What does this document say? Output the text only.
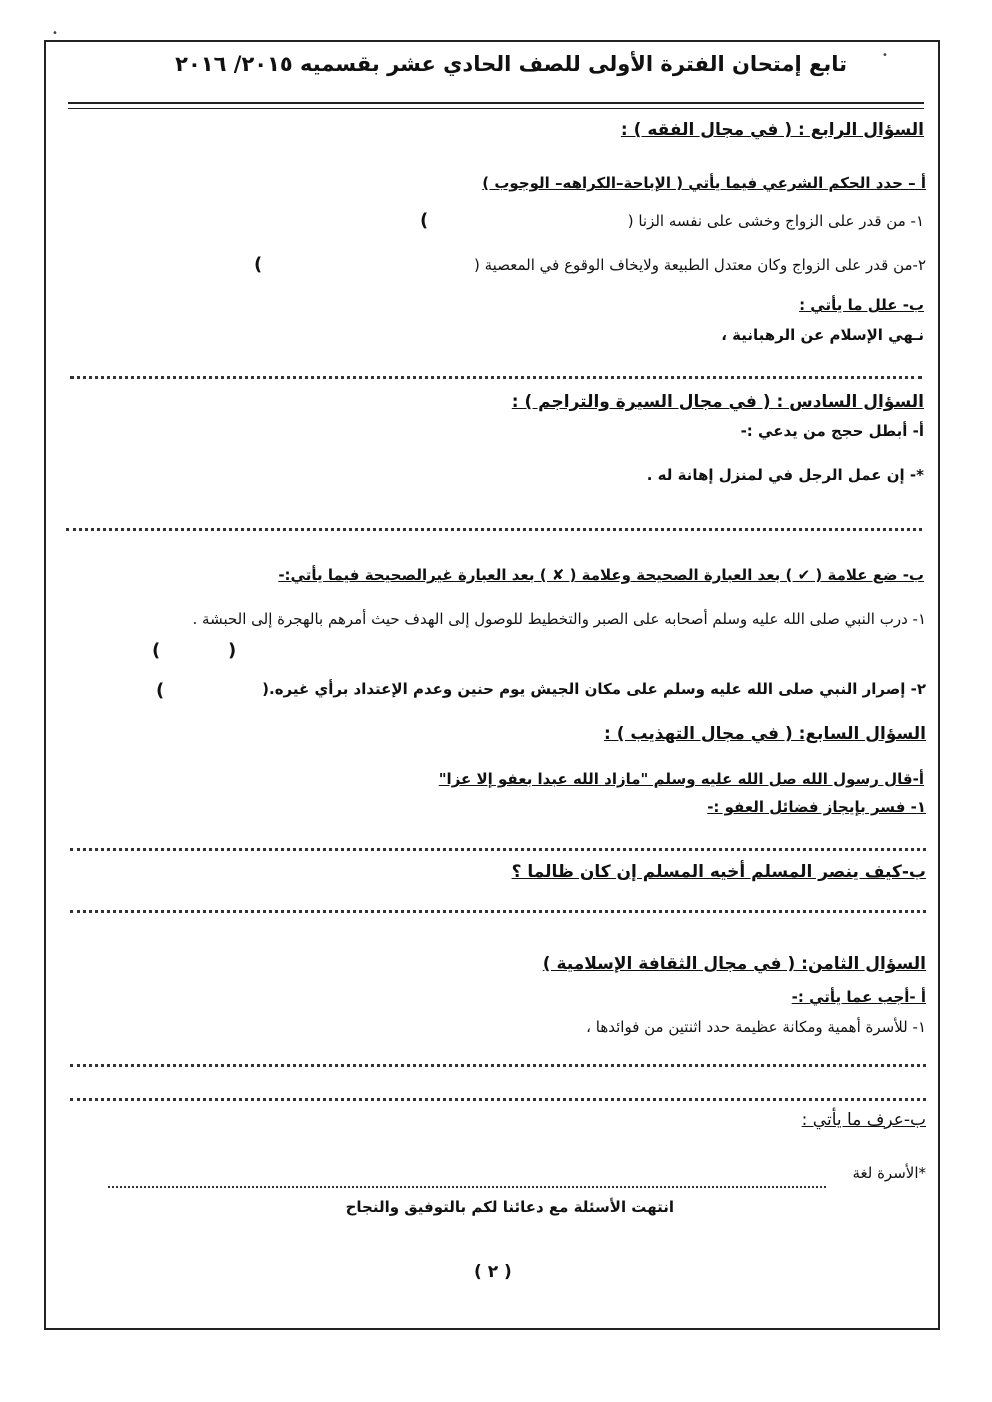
•
•
تابع إمتحان الفترة الأولى للصف الحادي عشر بقسميه ٢٠١٥/ ٢٠١٦
السؤال الرابع : ( في مجال الفقه ) :
أ – حدد الحكم الشرعي فيما يأتي ( الإباحة–الكراهه– الوجوب )
١- من قدر على الزواج وخشى على نفسه الزنا (
)
٢-من قدر على الزواج وكان معتدل الطبيعة ولايخاف الوقوع في المعصية (
)
ب- علل ما يأتي :
نـهي الإسلام عن الرهبانية ،
السؤال السادس : ( في مجال السيرة والتراجم ) :
أ- أبطل حجج من يدعي :-
*- إن عمل الرجل في لمنزل إهانة له .
ب- ضع علامة ( ✔ ) بعد العبارة الصحيحة وعلامة ( ✘ ) بعد العبارة غيرالصحيحة فيما يأتي:-
١- درب النبي صلى الله عليه وسلم أصحابه على الصبر والتخطيط للوصول إلى الهدف حيث أمرهم بالهجرة إلى الحبشة .
(
)
٢- إصرار النبي صلى الله عليه وسلم على مكان الجيش يوم حنين وعدم الإعتداد برأي غيره.(
)
السؤال السابع: ( في مجال التهذيب ) :
أ-قال رسول الله صل الله عليه وسلم "مازاد الله عبدا بعفو إلا عزا"
١- فسر بإيجاز فضائل العفو :-
ب-كيف ينصر المسلم أخيه المسلم إن كان ظالما ؟
السؤال الثامن: ( في مجال الثقافة الإسلامية )
أ -أجب عما يأتي :-
١- للأسرة أهمية ومكانة عظيمة حدد اثنتين من فوائدها ،
ب-عرف ما يأتي :
*الأسرة لغة
انتهت الأسئلة مع دعائنا لكم بالتوفيق والنجاح
( ٢ )
